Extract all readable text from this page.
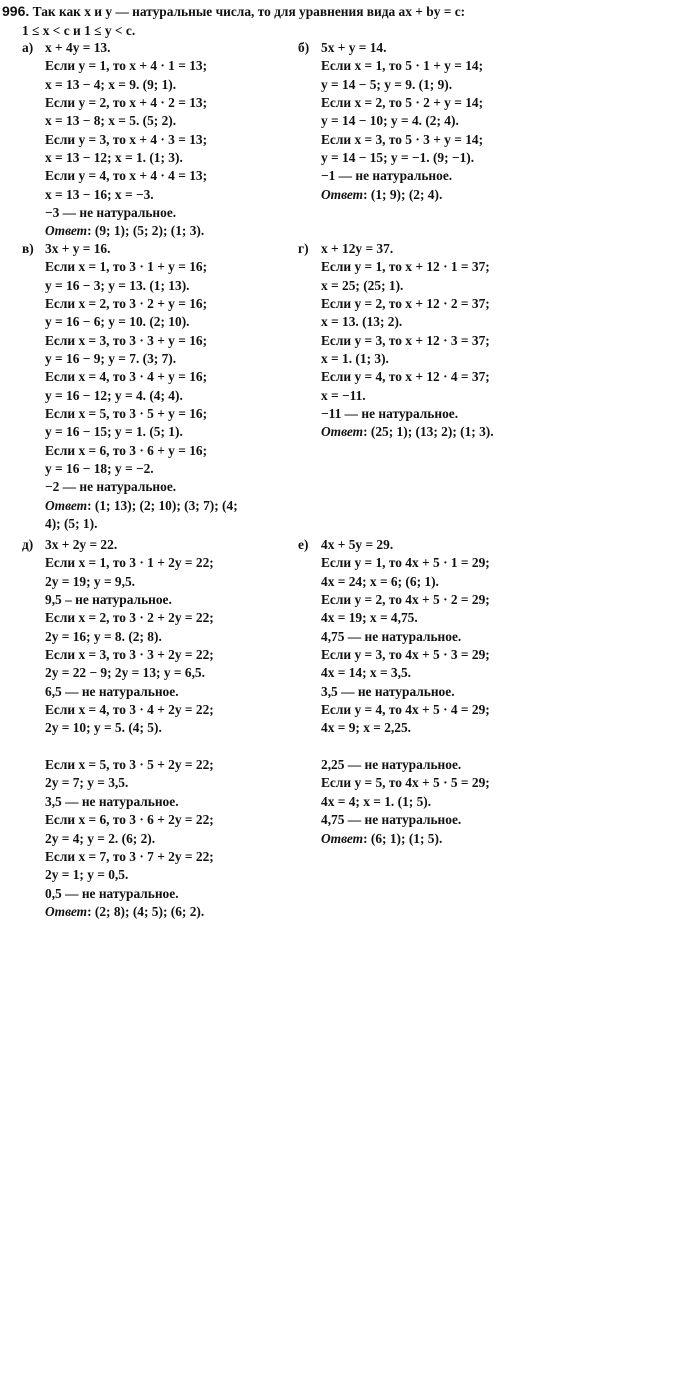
996. Так как x и y — натуральные числа, то для уравнения вида ax + by = c:
1 ≤ x < c и 1 ≤ y < c.
а) x + 4y = 13.
Если y = 1, то x + 4 · 1 = 13;
x = 13 − 4; x = 9. (9; 1).
Если y = 2, то x + 4 · 2 = 13;
x = 13 − 8; x = 5. (5; 2).
Если y = 3, то x + 4 · 3 = 13;
x = 13 − 12; x = 1. (1; 3).
Если y = 4, то x + 4 · 4 = 13;
x = 13 − 16; x = −3.
−3 — не натуральное.
Ответ: (9; 1); (5; 2); (1; 3).
б) 5x + y = 14.
Если x = 1, то 5 · 1 + y = 14;
y = 14 − 5; y = 9. (1; 9).
Если x = 2, то 5 · 2 + y = 14;
y = 14 − 10; y = 4. (2; 4).
Если x = 3, то 5 · 3 + y = 14;
y = 14 − 15; y = −1. (9; −1).
−1 — не натуральное.
Ответ: (1; 9); (2; 4).
в) 3x + y = 16.
Если x = 1, то 3 · 1 + y = 16;
y = 16 − 3; y = 13. (1; 13).
Если x = 2, то 3 · 2 + y = 16;
y = 16 − 6; y = 10. (2; 10).
Если x = 3, то 3 · 3 + y = 16;
y = 16 − 9; y = 7. (3; 7).
Если x = 4, то 3 · 4 + y = 16;
y = 16 − 12; y = 4. (4; 4).
Если x = 5, то 3 · 5 + y = 16;
y = 16 − 15; y = 1. (5; 1).
Если x = 6, то 3 · 6 + y = 16;
y = 16 − 18; y = −2.
−2 — не натуральное.
Ответ: (1; 13); (2; 10); (3; 7); (4;
4); (5; 1).
г) x + 12y = 37.
Если y = 1, то x + 12 · 1 = 37;
x = 25; (25; 1).
Если y = 2, то x + 12 · 2 = 37;
x = 13. (13; 2).
Если y = 3, то x + 12 · 3 = 37;
x = 1. (1; 3).
Если y = 4, то x + 12 · 4 = 37;
x = −11.
−11 — не натуральное.
Ответ: (25; 1); (13; 2); (1; 3).
д) 3x + 2y = 22.
Если x = 1, то 3 · 1 + 2y = 22;
2y = 19; y = 9,5.
9,5 – не натуральное.
Если x = 2, то 3 · 2 + 2y = 22;
2y = 16; y = 8. (2; 8).
Если x = 3, то 3 · 3 + 2y = 22;
2y = 22 − 9; 2y = 13; y = 6,5.
6,5 — не натуральное.
Если x = 4, то 3 · 4 + 2y = 22;
2y = 10; y = 5. (4; 5).
Если x = 5, то 3 · 5 + 2y = 22;
2y = 7; y = 3,5.
3,5 — не натуральное.
Если x = 6, то 3 · 6 + 2y = 22;
2y = 4; y = 2. (6; 2).
Если x = 7, то 3 · 7 + 2y = 22;
2y = 1; y = 0,5.
0,5 — не натуральное.
Ответ: (2; 8); (4; 5); (6; 2).
е) 4x + 5y = 29.
Если y = 1, то 4x + 5 · 1 = 29;
4x = 24; x = 6; (6; 1).
Если y = 2, то 4x + 5 · 2 = 29;
4x = 19; x = 4,75.
4,75 — не натуральное.
Если y = 3, то 4x + 5 · 3 = 29;
4x = 14; x = 3,5.
3,5 — не натуральное.
Если y = 4, то 4x + 5 · 4 = 29;
4x = 9; x = 2,25.
2,25 — не натуральное.
Если y = 5, то 4x + 5 · 5 = 29;
4x = 4; x = 1. (1; 5).
4,75 — не натуральное.
Ответ: (6; 1); (1; 5).
